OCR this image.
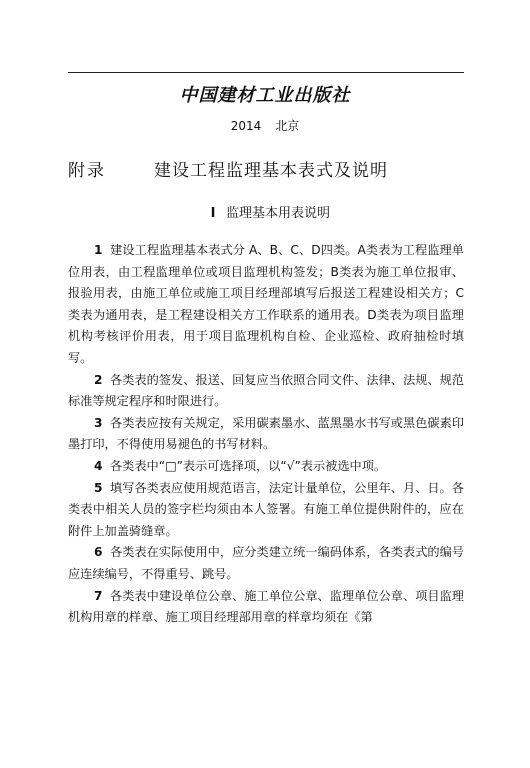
中国建材工业出版社
2014 北京
附录	建设工程监理基本表式及说明
I 监理基本用表说明

1 建设工程监理基本表式分 A、B、C、D四类。A类表为工程监理单位用表，由工程监理单位或项目监理机构签发；B类表为施工单位报审、报验用表，由施工单位或施工项目经理部填写后报送工程建设相关方；C类表为通用表，是工程建设相关方工作联系的通用表。D类表为项目监理机构考核评价用表，用于项目监理机构自检、企业巡检、政府抽检时填写。

2 各类表的签发、报送、回复应当依照合同文件、法律、法规、规范标准等规定程序和时限进行。

3 各类表应按有关规定，采用碳素墨水、蓝黑墨水书写或黑色碳素印墨打印，不得使用易褪色的书写材料。

4 各类表中“□”表示可选择项，以“√”表示被选中项。

5 填写各类表应使用规范语言，法定计量单位，公里年、月、日。各类表中相关人员的签字栏均须由本人签署。有施工单位提供附件的，应在附件上加盖骑缝章。

6 各类表在实际使用中，应分类建立统一编码体系，各类表式的编号应连续编号，不得重号、跳号。

7 各类表中建设单位公章、施工单位公章、监理单位公章、项目监理机构用章的样章、施工项目经理部用章的样章均须在《第
